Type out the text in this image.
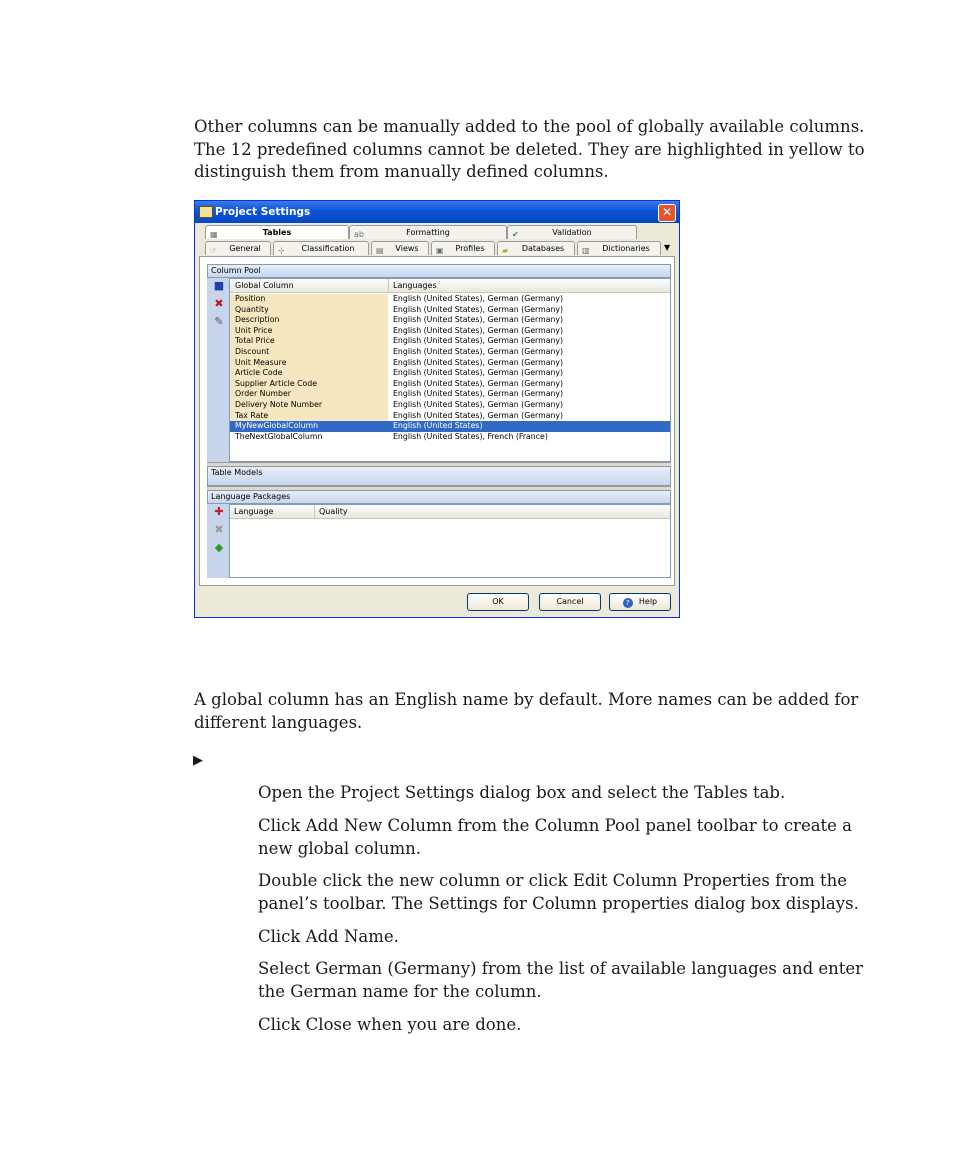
Other columns can be manually added to the pool of globally available columns. The 12 predefined columns cannot be deleted. They are highlighted in yellow to distinguish them from manually defined columns.

Project Settings	✕
▦	Tables	ab	Formatting	✔	Validation
☞ General	⊹ Classification	▤ Views	▣ Profiles	▰ Databases	▥ Dictionaries	▼
Column Pool
■
✖
✎
Global Column	Languages
Position	English (United States), German (Germany)
Quantity	English (United States), German (Germany)
Description	English (United States), German (Germany)
Unit Price	English (United States), German (Germany)
Total Price	English (United States), German (Germany)
Discount	English (United States), German (Germany)
Unit Measure	English (United States), German (Germany)
Article Code	English (United States), German (Germany)
Supplier Article Code	English (United States), German (Germany)
Order Number	English (United States), German (Germany)
Delivery Note Number	English (United States), German (Germany)
Tax Rate	English (United States), German (Germany)
MyNewGlobalColumn	English (United States)
TheNextGlobalColumn	English (United States), French (France)
Table Models
Language Packages
✚
✖
◆
Language	Quality
OK	Cancel	? Help

A global column has an English name by default. More names can be added for different languages.

▶

Open the Project Settings dialog box and select the Tables tab.

Click Add New Column from the Column Pool panel toolbar to create a new global column.

Double click the new column or click Edit Column Properties from the panel’s toolbar. The Settings for Column properties dialog box displays.

Click Add Name.

Select German (Germany) from the list of available languages and enter the German name for the column.

Click Close when you are done.
